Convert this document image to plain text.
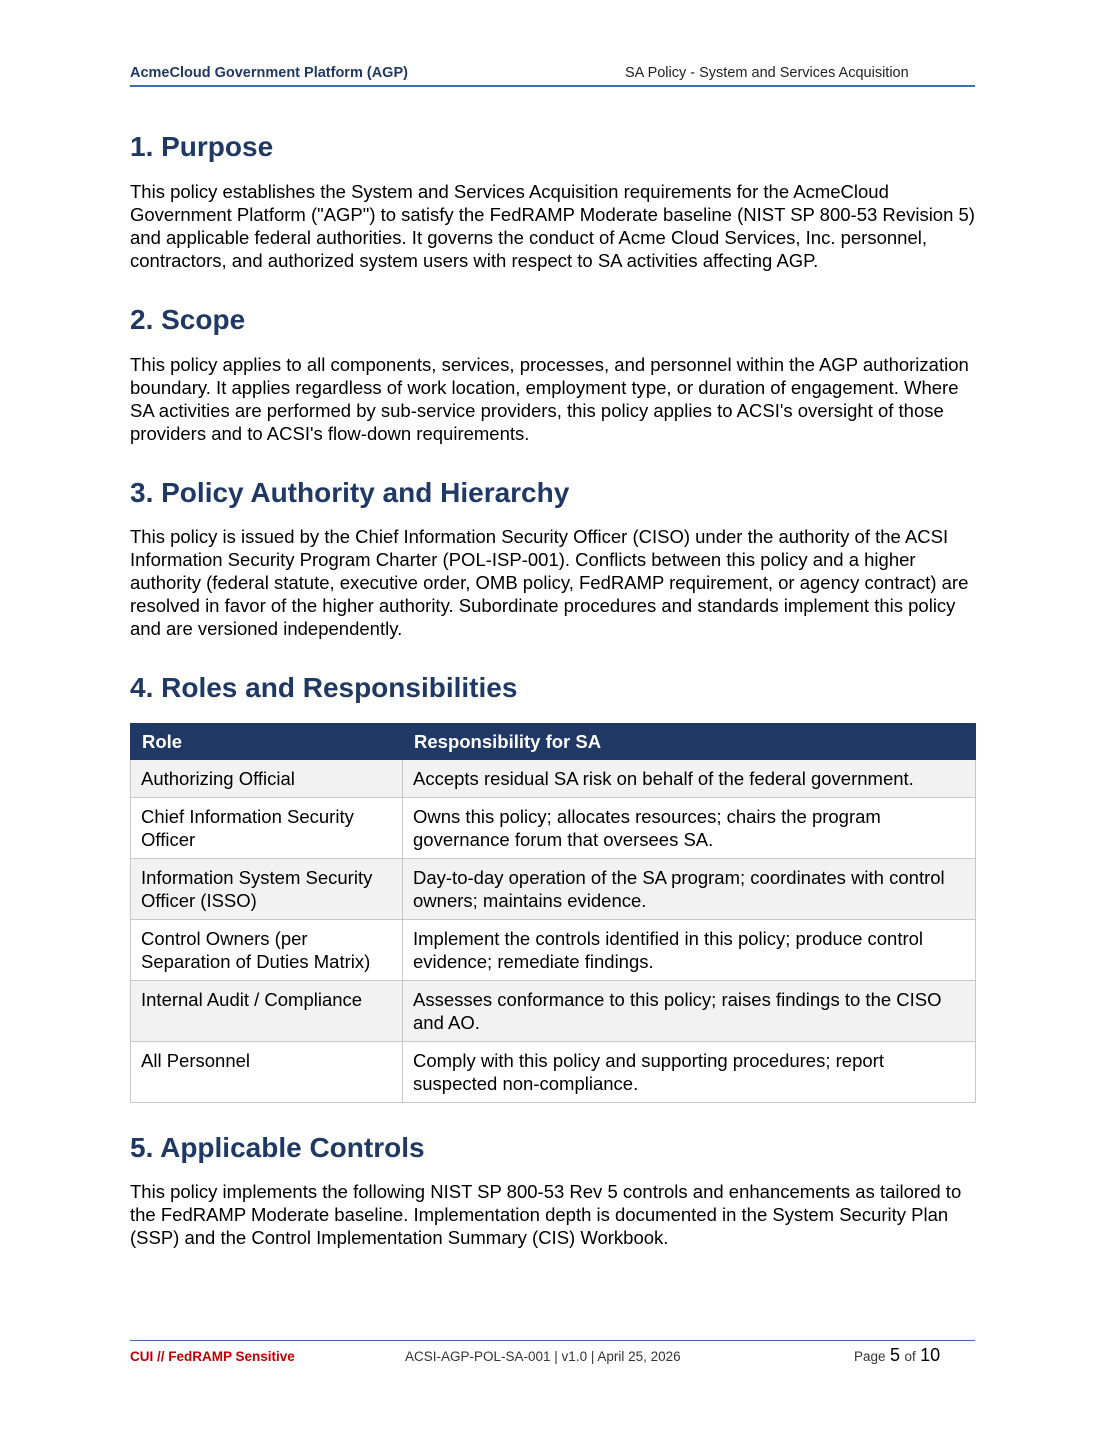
AcmeCloud Government Platform (AGP)	SA Policy - System and Services Acquisition
1. Purpose

This policy establishes the System and Services Acquisition requirements for the AcmeCloud Government Platform ("AGP") to satisfy the FedRAMP Moderate baseline (NIST SP 800-53 Revision 5) and applicable federal authorities. It governs the conduct of Acme Cloud Services, Inc. personnel, contractors, and authorized system users with respect to SA activities affecting AGP.

2. Scope

This policy applies to all components, services, processes, and personnel within the AGP authorization boundary. It applies regardless of work location, employment type, or duration of engagement. Where SA activities are performed by sub-service providers, this policy applies to ACSI's oversight of those providers and to ACSI's flow-down requirements.

3. Policy Authority and Hierarchy

This policy is issued by the Chief Information Security Officer (CISO) under the authority of the ACSI Information Security Program Charter (POL-ISP-001). Conflicts between this policy and a higher authority (federal statute, executive order, OMB policy, FedRAMP requirement, or agency contract) are resolved in favor of the higher authority. Subordinate procedures and standards implement this policy and are versioned independently.

4. Roles and Responsibilities
Role	Responsibility for SA
Authorizing Official	Accepts residual SA risk on behalf of the federal government.
Chief Information Security Officer	Owns this policy; allocates resources; chairs the program governance forum that oversees SA.
Information System Security Officer (ISSO)	Day-to-day operation of the SA program; coordinates with control owners; maintains evidence.
Control Owners (per Separation of Duties Matrix)	Implement the controls identified in this policy; produce control evidence; remediate findings.
Internal Audit / Compliance	Assesses conformance to this policy; raises findings to the CISO and AO.
All Personnel	Comply with this policy and supporting procedures; report suspected non-compliance.
5. Applicable Controls

This policy implements the following NIST SP 800-53 Rev 5 controls and enhancements as tailored to the FedRAMP Moderate baseline. Implementation depth is documented in the System Security Plan (SSP) and the Control Implementation Summary (CIS) Workbook.

CUI // FedRAMP Sensitive	ACSI-AGP-POL-SA-001 | v1.0 | April 25, 2026	Page 5 of 10
